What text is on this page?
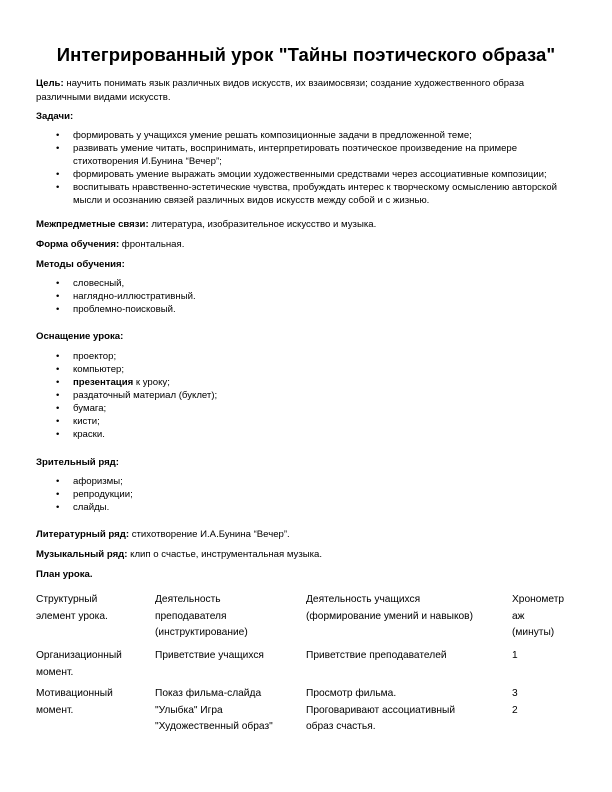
Интегрированный урок "Тайны поэтического образа"
Цель: научить понимать язык различных видов искусств, их взаимосвязи; создание художественного образа различными видами искусств.
Задачи:
• формировать у учащихся умение решать композиционные задачи в предложенной теме;
• развивать умение читать, воспринимать, интерпретировать поэтическое произведение на примере стихотворения И.Бунина “Вечер”;
• формировать умение выражать эмоции художественными средствами через ассоциативные композиции;
• воспитывать нравственно-эстетические чувства, пробуждать интерес к творческому осмыслению авторской мысли и осознанию связей различных видов искусств между собой и с жизнью.
Межпредметные связи: литература, изобразительное искусство и музыка.
Форма обучения: фронтальная.
Методы обучения:
• словесный,
• наглядно-иллюстративный.
• проблемно-поисковый.
Оснащение урока:
• проектор;
• компьютер;
• презентация к уроку;
• раздаточный материал (буклет);
• бумага;
• кисти;
• краски.
Зрительный ряд:
• афоризмы;
• репродукции;
• слайды.
Литературный ряд: стихотворение И.А.Бунина “Вечер”.
Музыкальный ряд: клип о счастье, инструментальная музыка.
План урока.
Структурный
элемент урока.
Деятельность
преподавателя
(инструктирование)
Деятельность учащихся
(формирование умений и навыков)
Хронометр
аж
(минуты)
Организационный
момент.
Приветствие учащихся	Приветствие преподавателей	1
Мотивационный
момент.
Показ фильма-слайда
"Улыбка" Игра
"Художественный образ"
Просмотр фильма.
Проговаривают ассоциативный
образ счастья.
3
2
